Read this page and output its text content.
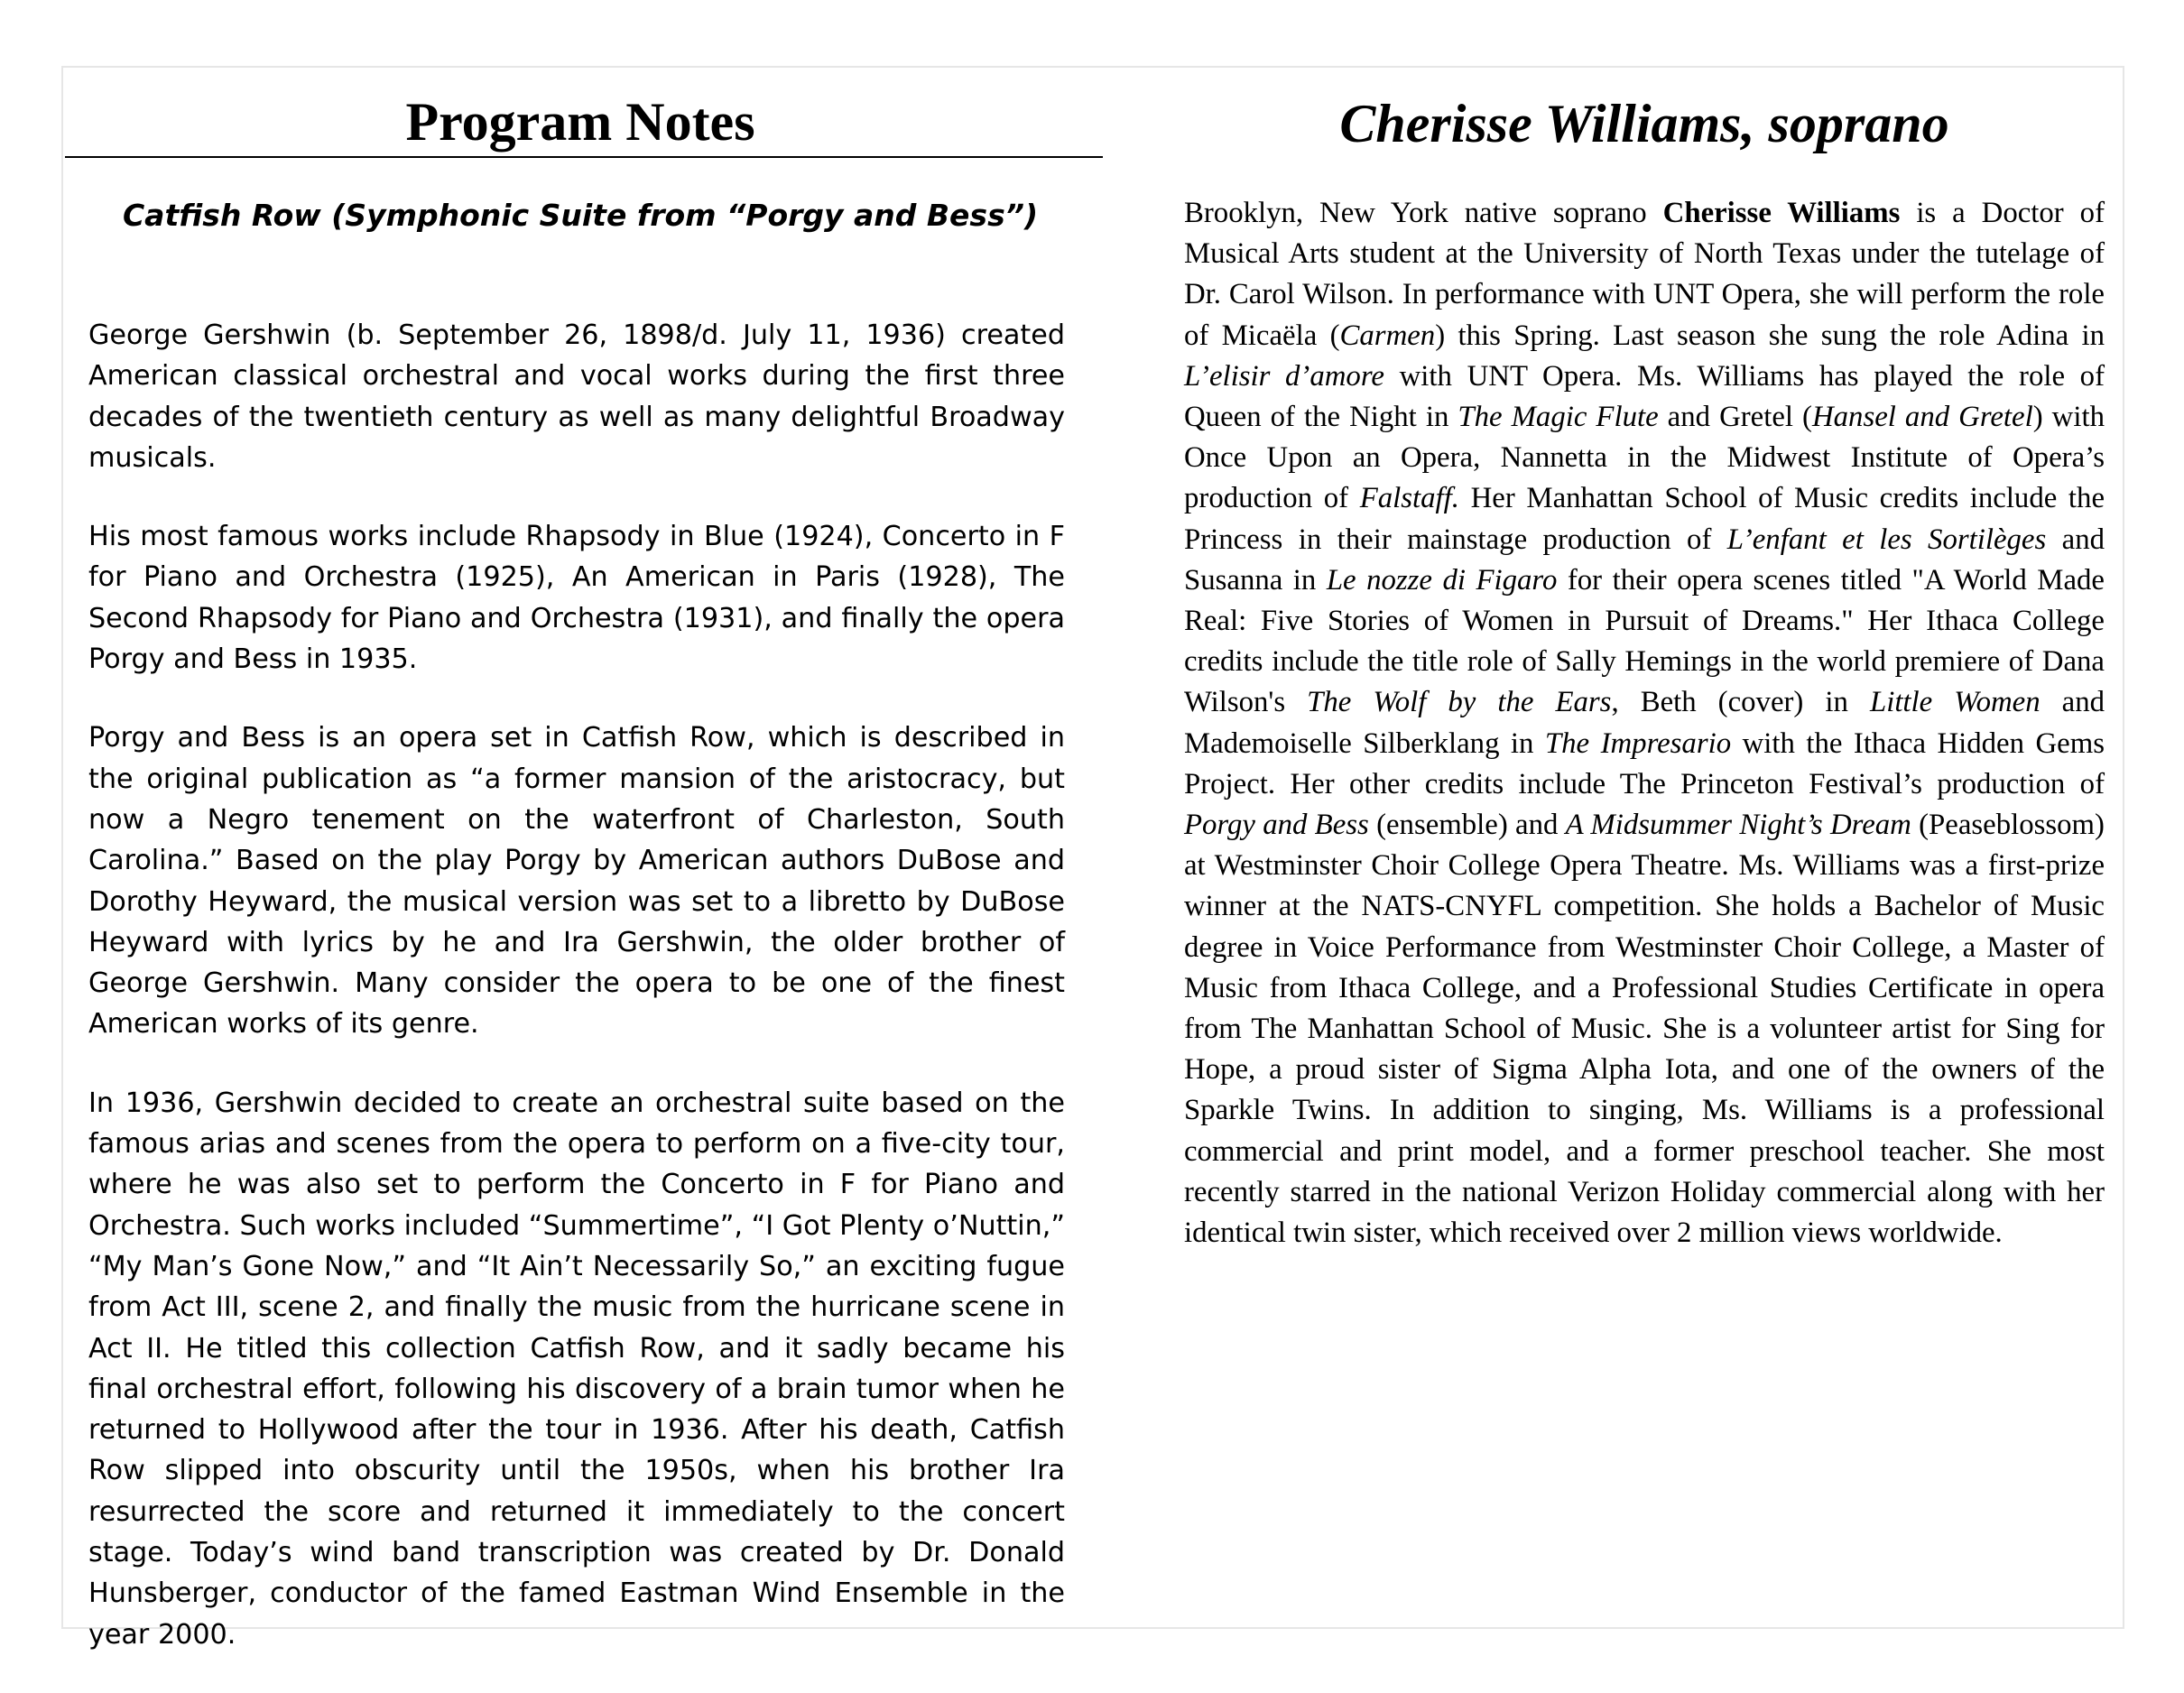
Program Notes
Catfish Row (Symphonic Suite from “Porgy and Bess”)

George Gershwin (b. September 26, 1898/d. July 11, 1936) created American classical orchestral and vocal works during the first three decades of the twentieth century as well as many delightful Broadway musicals.

His most famous works include Rhapsody in Blue (1924), Concerto in F for Piano and Orchestra (1925), An American in Paris (1928), The Second Rhapsody for Piano and Orchestra (1931), and finally the opera Porgy and Bess in 1935.

Porgy and Bess is an opera set in Catfish Row, which is described in the original publication as “a former mansion of the aristocracy, but now a Negro tenement on the waterfront of Charleston, South Carolina.” Based on the play Porgy by American authors DuBose and Dorothy Heyward, the musical version was set to a libretto by DuBose Heyward with lyrics by he and Ira Gershwin, the older brother of George Gershwin. Many consider the opera to be one of the finest American works of its genre.

In 1936, Gershwin decided to create an orchestral suite based on the famous arias and scenes from the opera to perform on a five-city tour, where he was also set to perform the Concerto in F for Piano and Orchestra. Such works included “Summertime”, “I Got Plenty o’Nuttin,” “My Man’s Gone Now,” and “It Ain’t Necessarily So,” an exciting fugue from Act III, scene 2, and finally the music from the hurricane scene in Act II. He titled this collection Catfish Row, and it sadly became his final orchestral effort, following his discovery of a brain tumor when he returned to Hollywood after the tour in 1936. After his death, Catfish Row slipped into obscurity until the 1950s, when his brother Ira resurrected the score and returned it immediately to the concert stage. Today’s wind band transcription was created by Dr. Donald Hunsberger, conductor of the famed Eastman Wind Ensemble in the year 2000.

Cherisse Williams, soprano

Brooklyn, New York native soprano Cherisse Williams is a Doctor of Musical Arts student at the University of North Texas under the tutelage of Dr. Carol Wilson. In performance with UNT Opera, she will perform the role of Micaëla (Carmen) this Spring. Last season she sung the role Adina in L’elisir d’amore with UNT Opera. Ms. Williams has played the role of Queen of the Night in The Magic Flute and Gretel (Hansel and Gretel) with Once Upon an Opera, Nannetta in the Midwest Institute of Opera’s production of Falstaff. Her Manhattan School of Music credits include the Princess in their mainstage production of L’enfant et les Sortilèges and Susanna in Le nozze di Figaro for their opera scenes titled "A World Made Real: Five Stories of Women in Pursuit of Dreams." Her Ithaca College credits include the title role of Sally Hemings in the world premiere of Dana Wilson's The Wolf by the Ears, Beth (cover) in Little Women and Mademoiselle Silberklang in The Impresario with the Ithaca Hidden Gems Project. Her other credits include The Princeton Festival’s production of Porgy and Bess (ensemble) and A Midsummer Night’s Dream (Peaseblossom) at Westminster Choir College Opera Theatre. Ms. Williams was a first-prize winner at the NATS-CNYFL competition. She holds a Bachelor of Music degree in Voice Performance from Westminster Choir College, a Master of Music from Ithaca College, and a Professional Studies Certificate in opera from The Manhattan School of Music. She is a volunteer artist for Sing for Hope, a proud sister of Sigma Alpha Iota, and one of the owners of the Sparkle Twins. In addition to singing, Ms. Williams is a professional commercial and print model, and a former preschool teacher. She most recently starred in the national Verizon Holiday commercial along with her identical twin sister, which received over 2 million views worldwide.
